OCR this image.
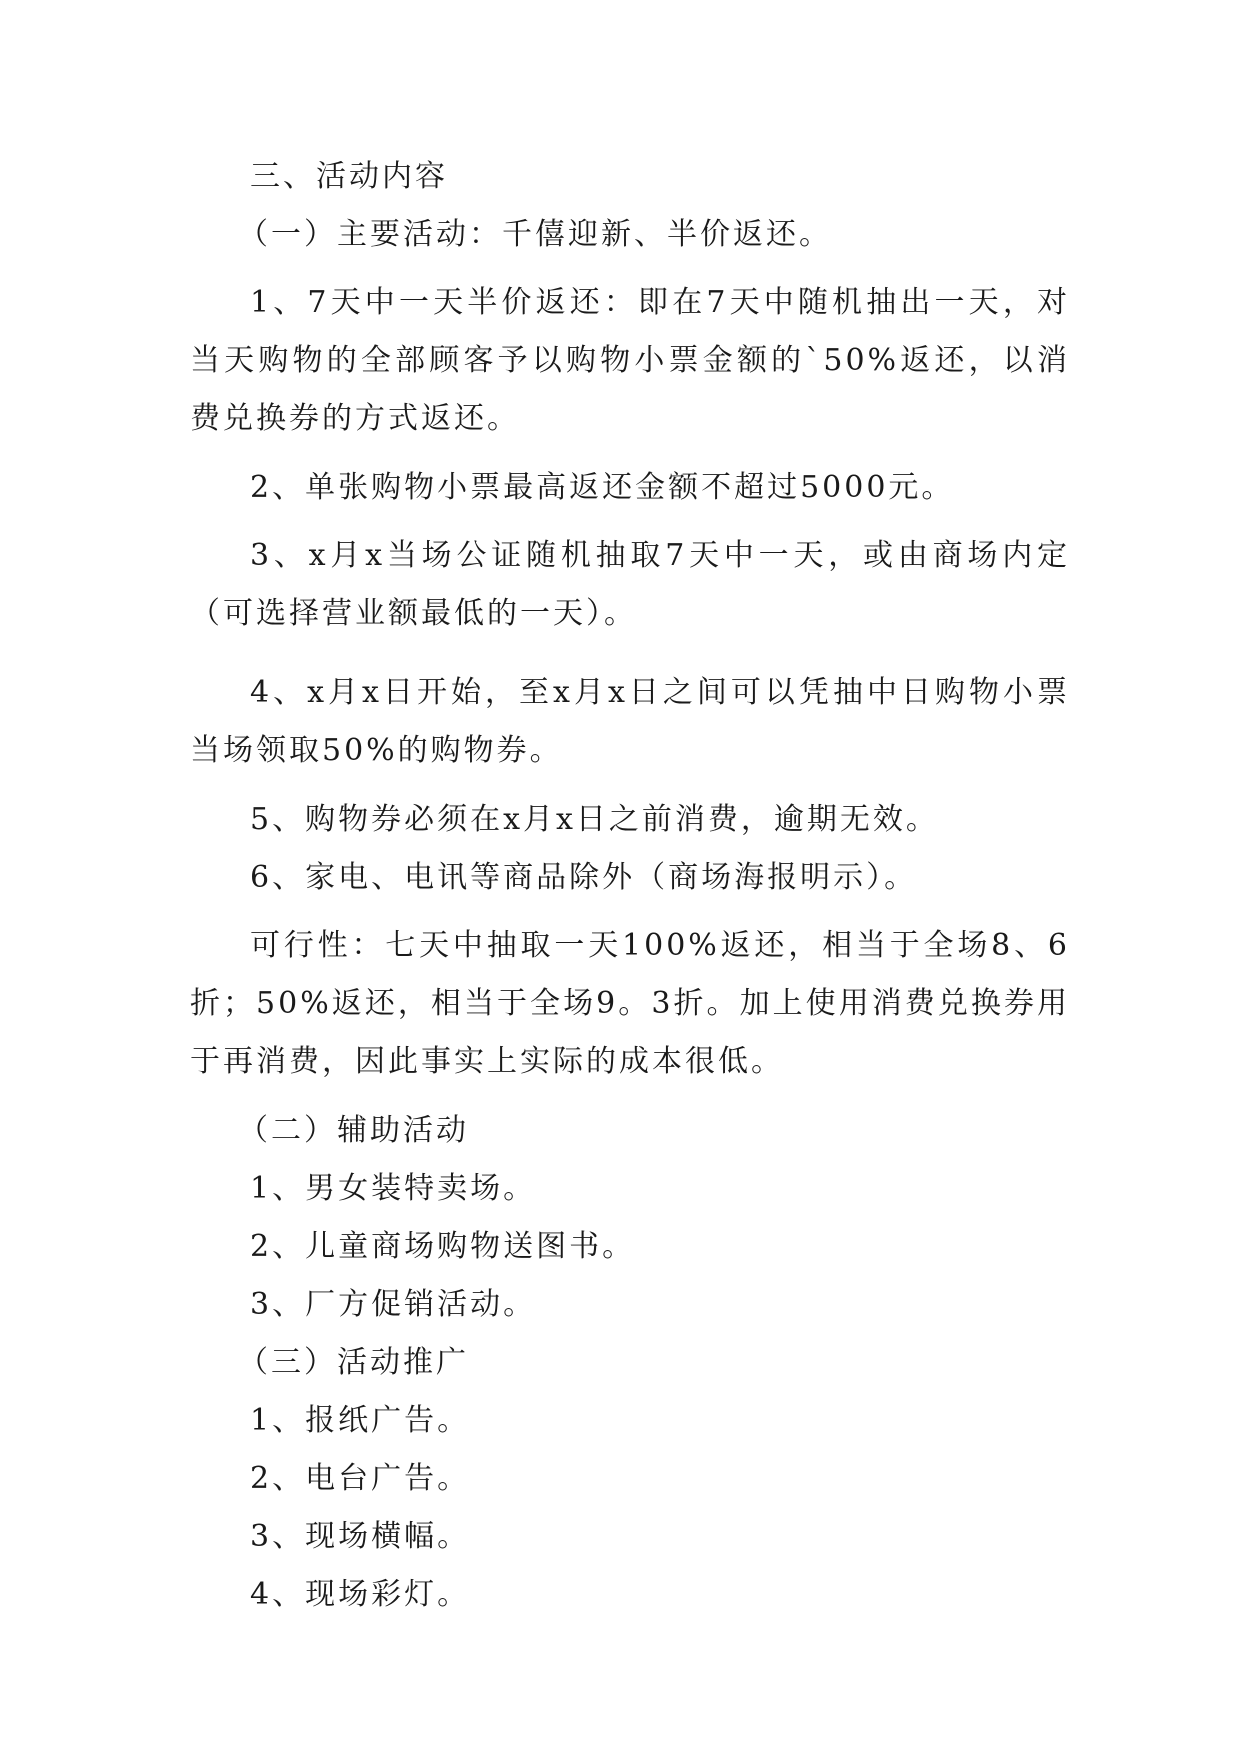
三、活动内容

（一）主要活动：千僖迎新、半价返还。

1、7天中一天半价返还：即在7天中随机抽出一天，对当天购物的全部顾客予以购物小票金额的`50%返还，以消费兑换券的方式返还。

2、单张购物小票最高返还金额不超过5000元。

3、x月x当场公证随机抽取7天中一天，或由商场内定（可选择营业额最低的一天）。

4、x月x日开始，至x月x日之间可以凭抽中日购物小票当场领取50%的购物券。

5、购物券必须在x月x日之前消费，逾期无效。

6、家电、电讯等商品除外（商场海报明示）。

可行性：七天中抽取一天100%返还，相当于全场8、6折；50%返还，相当于全场9。3折。加上使用消费兑换券用于再消费，因此事实上实际的成本很低。

（二）辅助活动

1、男女装特卖场。

2、儿童商场购物送图书。

3、厂方促销活动。

（三）活动推广

1、报纸广告。

2、电台广告。

3、现场横幅。

4、现场彩灯。
